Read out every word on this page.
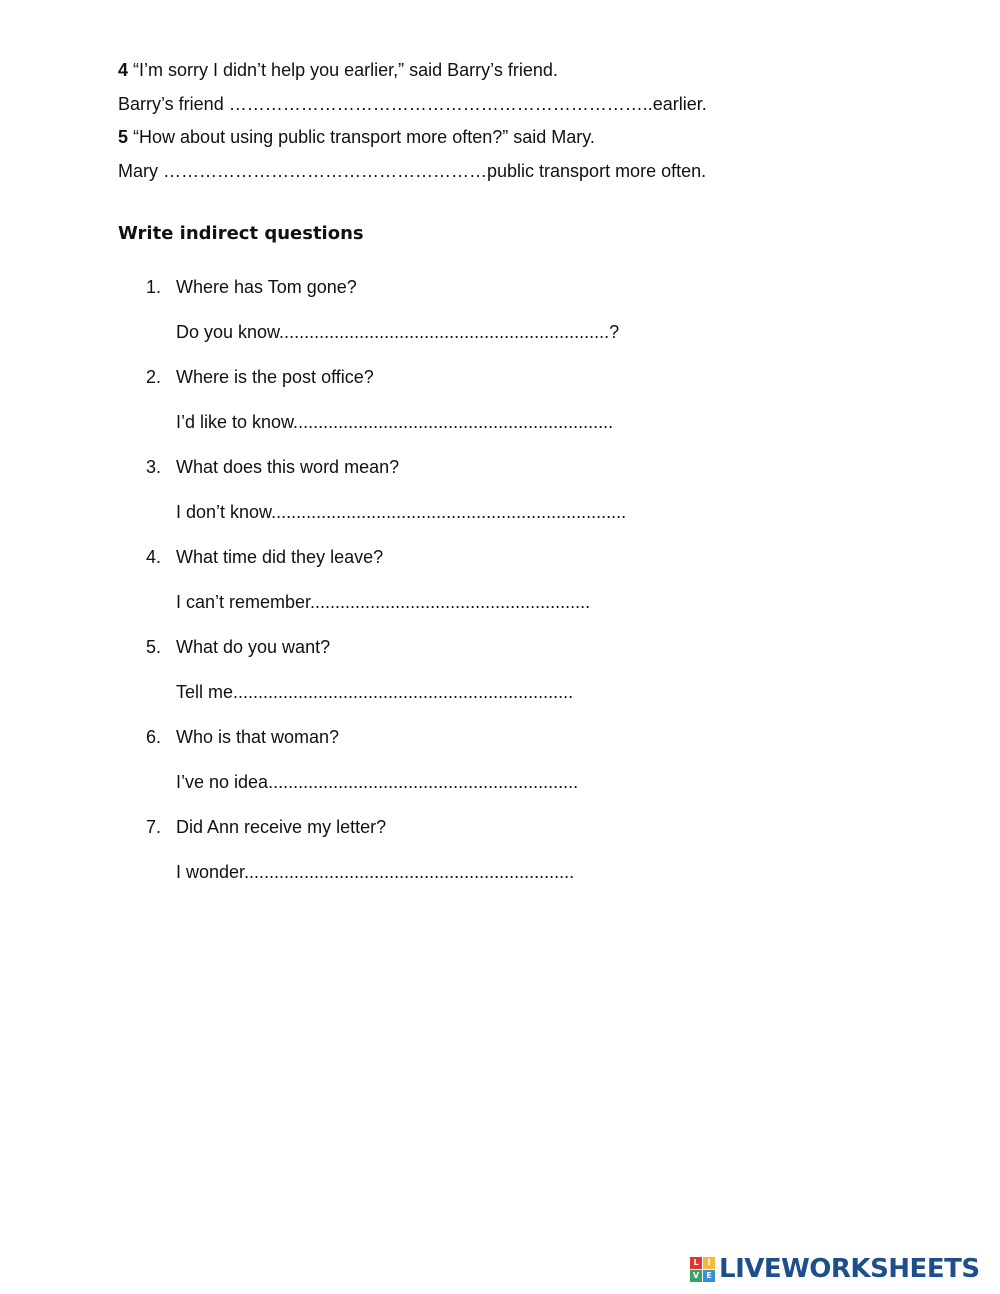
4 “I’m sorry I didn’t help you earlier,” said Barry’s friend.
Barry’s friend ……………………………………………………………..earlier.
5 “How about using public transport more often?” said Mary.
Mary ………………………………………………public transport more often.
Write indirect questions
1. Where has Tom gone?
Do you know..................................................................?
2. Where is the post office?
I’d like to know................................................................
3. What does this word mean?
I don’t know.......................................................................
4. What time did they leave?
I can’t remember........................................................
5. What do you want?
Tell me....................................................................
6. Who is that woman?
I’ve no idea..............................................................
7. Did Ann receive my letter?
I wonder..................................................................
L	I
V E LIVEWORKSHEETS
